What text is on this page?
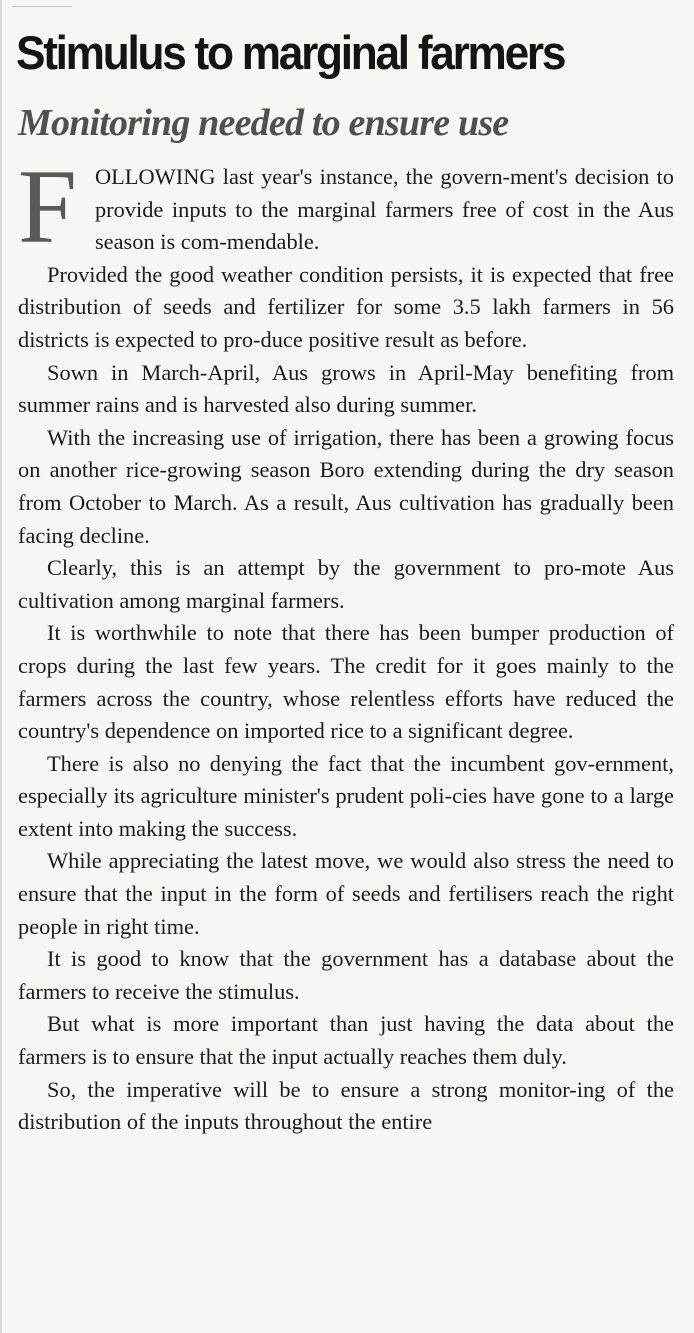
Stimulus to marginal farmers
Monitoring needed to ensure use

FOLLOWING last year's instance, the govern-ment's decision to provide inputs to the marginal farmers free of cost in the Aus season is com-mendable.

Provided the good weather condition persists, it is expected that free distribution of seeds and fertilizer for some 3.5 lakh farmers in 56 districts is expected to pro-duce positive result as before.

Sown in March-April, Aus grows in April-May benefiting from summer rains and is harvested also during summer.

With the increasing use of irrigation, there has been a growing focus on another rice-growing season Boro extending during the dry season from October to March. As a result, Aus cultivation has gradually been facing decline.

Clearly, this is an attempt by the government to pro-mote Aus cultivation among marginal farmers.

It is worthwhile to note that there has been bumper production of crops during the last few years. The credit for it goes mainly to the farmers across the country, whose relentless efforts have reduced the country's dependence on imported rice to a significant degree.

There is also no denying the fact that the incumbent gov-ernment, especially its agriculture minister's prudent poli-cies have gone to a large extent into making the success.

While appreciating the latest move, we would also stress the need to ensure that the input in the form of seeds and fertilisers reach the right people in right time.

It is good to know that the government has a database about the farmers to receive the stimulus.

But what is more important than just having the data about the farmers is to ensure that the input actually reaches them duly.

So, the imperative will be to ensure a strong monitor-ing of the distribution of the inputs throughout the entire
